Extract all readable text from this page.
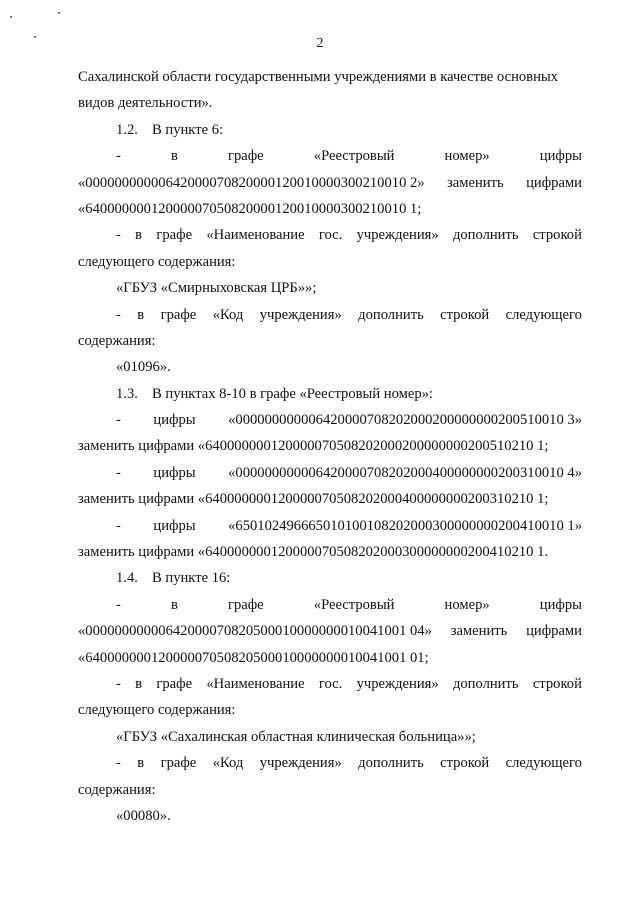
2
Сахалинской области государственными учреждениями в качестве основных
видов деятельности».
1.2. В пункте 6:
-	в	графе	«Реестровый	номер»	цифры
«00000000000642000070820000120010000300210010 2» заменить цифрами
«64000000012000007050820000120010000300210010 1;
- в графе «Наименование гос. учреждения» дополнить строкой
следующего содержания:
«ГБУЗ «Смирныховская ЦРБ»»;
- в графе «Код учреждения» дополнить строкой следующего
содержания:
«01096».
1.3. В пунктах 8-10 в графе «Реестровый номер»:
- цифры «000000000006420000708202000200000000200510010 3»
заменить цифрами «640000000120000070508202000200000000200510210 1;
- цифры «000000000006420000708202000400000000200310010 4»
заменить цифрами «640000000120000070508202000400000000200310210 1;
- цифры «650102496665010100108202000300000000200410010 1»
заменить цифрами «640000000120000070508202000300000000200410210 1.
1.4. В пункте 16:
-	в	графе	«Реестровый	номер»	цифры
«00000000000642000070820500010000000010041001 04» заменить цифрами
«64000000012000007050820500010000000010041001 01;
- в графе «Наименование гос. учреждения» дополнить строкой
следующего содержания:
«ГБУЗ «Сахалинская областная клиническая больница»»;
- в графе «Код учреждения» дополнить строкой следующего
содержания:
«00080».
